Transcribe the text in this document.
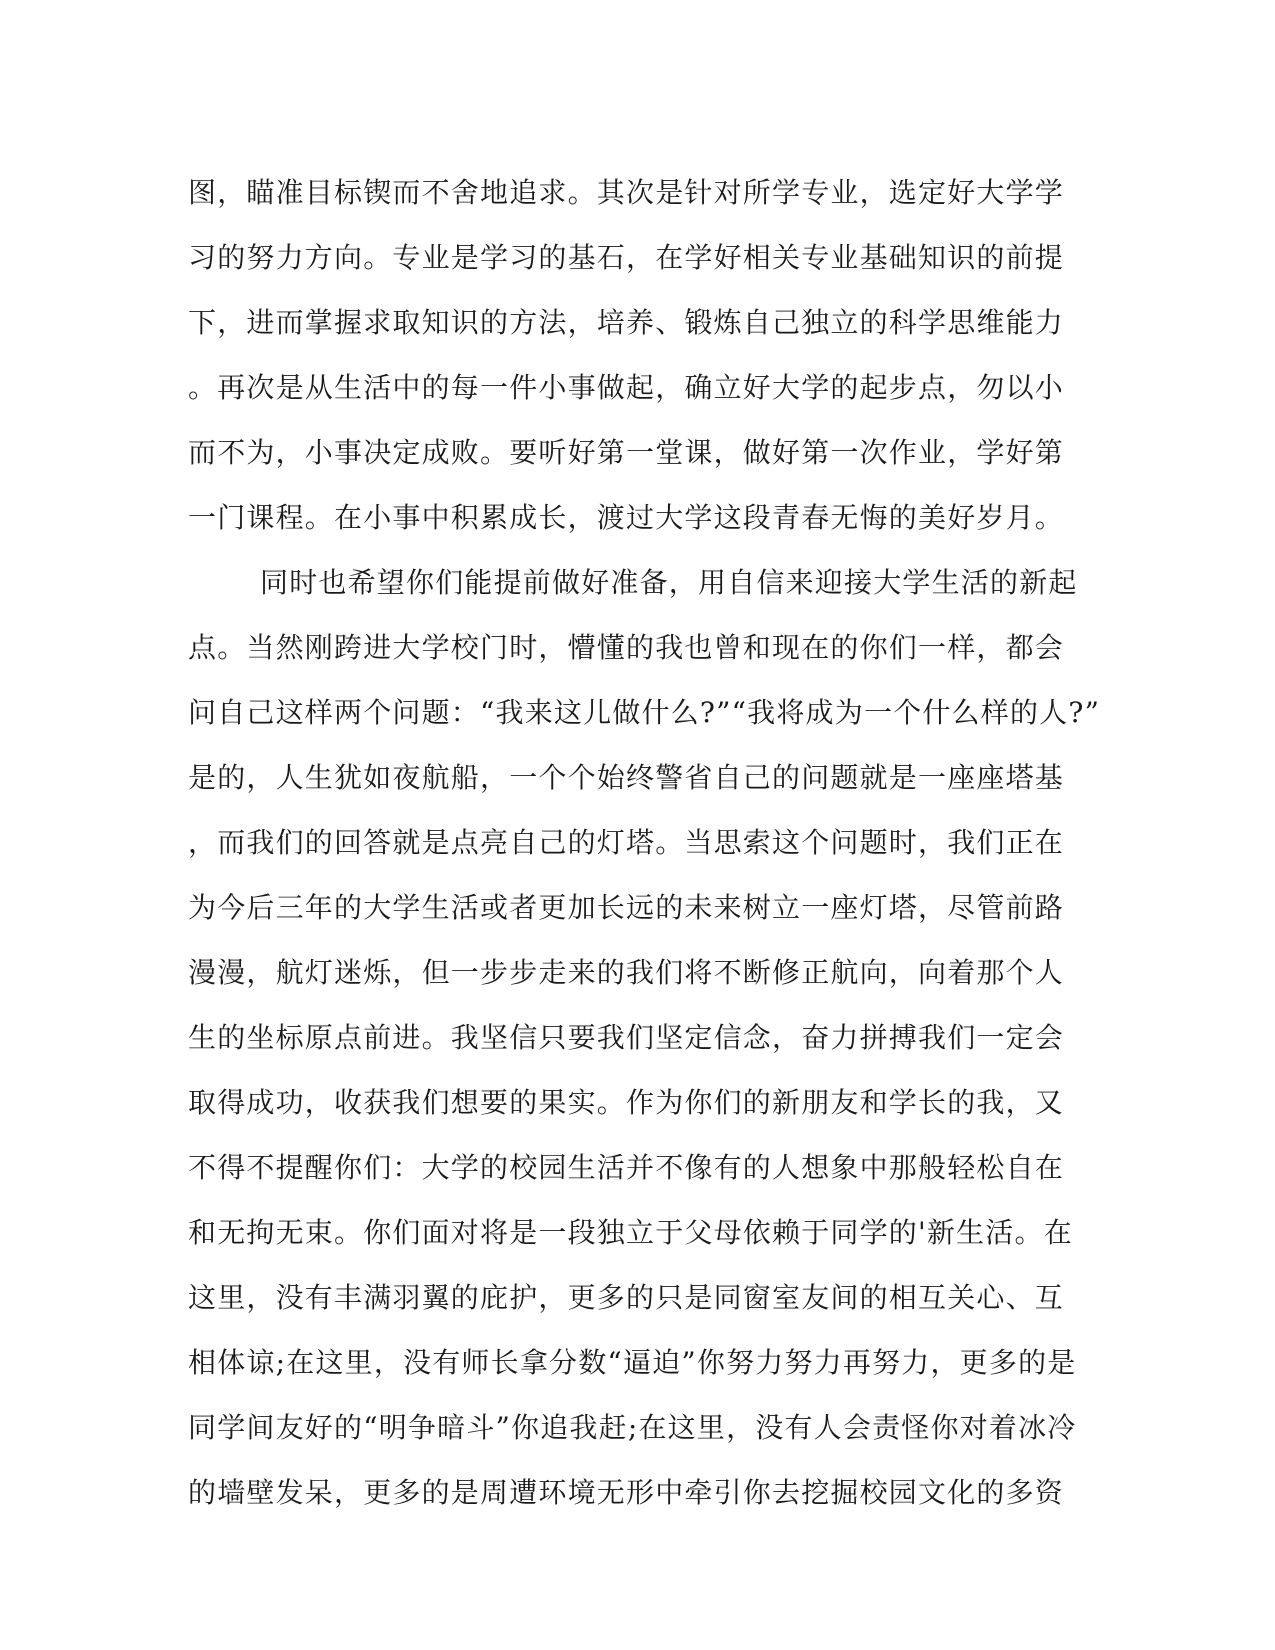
图，瞄准目标锲而不舍地追求。其次是针对所学专业，选定好大学学
习的努力方向。专业是学习的基石，在学好相关专业基础知识的前提
下，进而掌握求取知识的方法，培养、锻炼自己独立的科学思维能力
。再次是从生活中的每一件小事做起，确立好大学的起步点，勿以小
而不为，小事决定成败。要听好第一堂课，做好第一次作业，学好第
一门课程。在小事中积累成长，渡过大学这段青春无悔的美好岁月。
同时也希望你们能提前做好准备，用自信来迎接大学生活的新起
点。当然刚跨进大学校门时，懵懂的我也曾和现在的你们一样，都会
问自己这样两个问题：“我来这儿做什么?”“我将成为一个什么样的人?”
是的，人生犹如夜航船，一个个始终警省自己的问题就是一座座塔基
，而我们的回答就是点亮自己的灯塔。当思索这个问题时，我们正在
为今后三年的大学生活或者更加长远的未来树立一座灯塔，尽管前路
漫漫，航灯迷烁，但一步步走来的我们将不断修正航向，向着那个人
生的坐标原点前进。我坚信只要我们坚定信念，奋力拼搏我们一定会
取得成功，收获我们想要的果实。作为你们的新朋友和学长的我，又
不得不提醒你们：大学的校园生活并不像有的人想象中那般轻松自在
和无拘无束。你们面对将是一段独立于父母依赖于同学的'新生活。在
这里，没有丰满羽翼的庇护，更多的只是同窗室友间的相互关心、互
相体谅;在这里，没有师长拿分数“逼迫”你努力努力再努力，更多的是
同学间友好的“明争暗斗”你追我赶;在这里，没有人会责怪你对着冰冷
的墙壁发呆，更多的是周遭环境无形中牵引你去挖掘校园文化的多资
